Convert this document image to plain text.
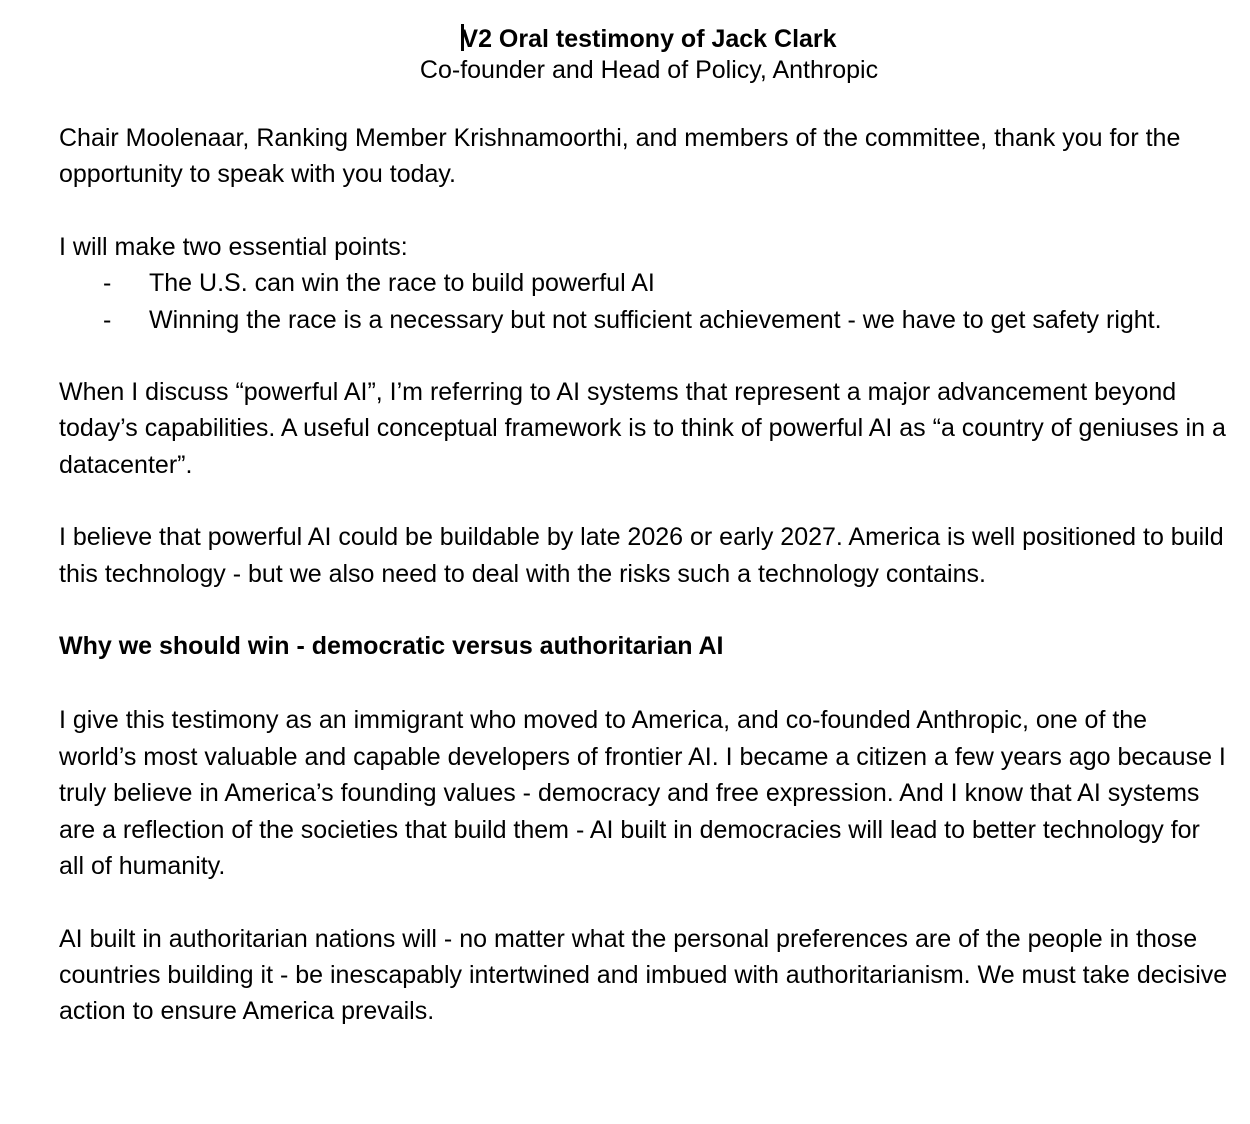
V2 Oral testimony of Jack Clark
Co-founder and Head of Policy, Anthropic

Chair Moolenaar, Ranking Member Krishnamoorthi, and members of the committee, thank you for the opportunity to speak with you today.

I will make two essential points:

- The U.S. can win the race to build powerful AI
- Winning the race is a necessary but not sufficient achievement - we have to get safety right.

When I discuss “powerful AI”, I’m referring to AI systems that represent a major advancement beyond today’s capabilities. A useful conceptual framework is to think of powerful AI as “a country of geniuses in a datacenter”.

I believe that powerful AI could be buildable by late 2026 or early 2027. America is well positioned to build this technology - but we also need to deal with the risks such a technology contains.

Why we should win - democratic versus authoritarian AI

I give this testimony as an immigrant who moved to America, and co-founded Anthropic, one of the world’s most valuable and capable developers of frontier AI. I became a citizen a few years ago because I truly believe in America’s founding values - democracy and free expression. And I know that AI systems are a reflection of the societies that build them - AI built in democracies will lead to better technology for all of humanity.

AI built in authoritarian nations will - no matter what the personal preferences are of the people in those countries building it - be inescapably intertwined and imbued with authoritarianism. We must take decisive action to ensure America prevails.
